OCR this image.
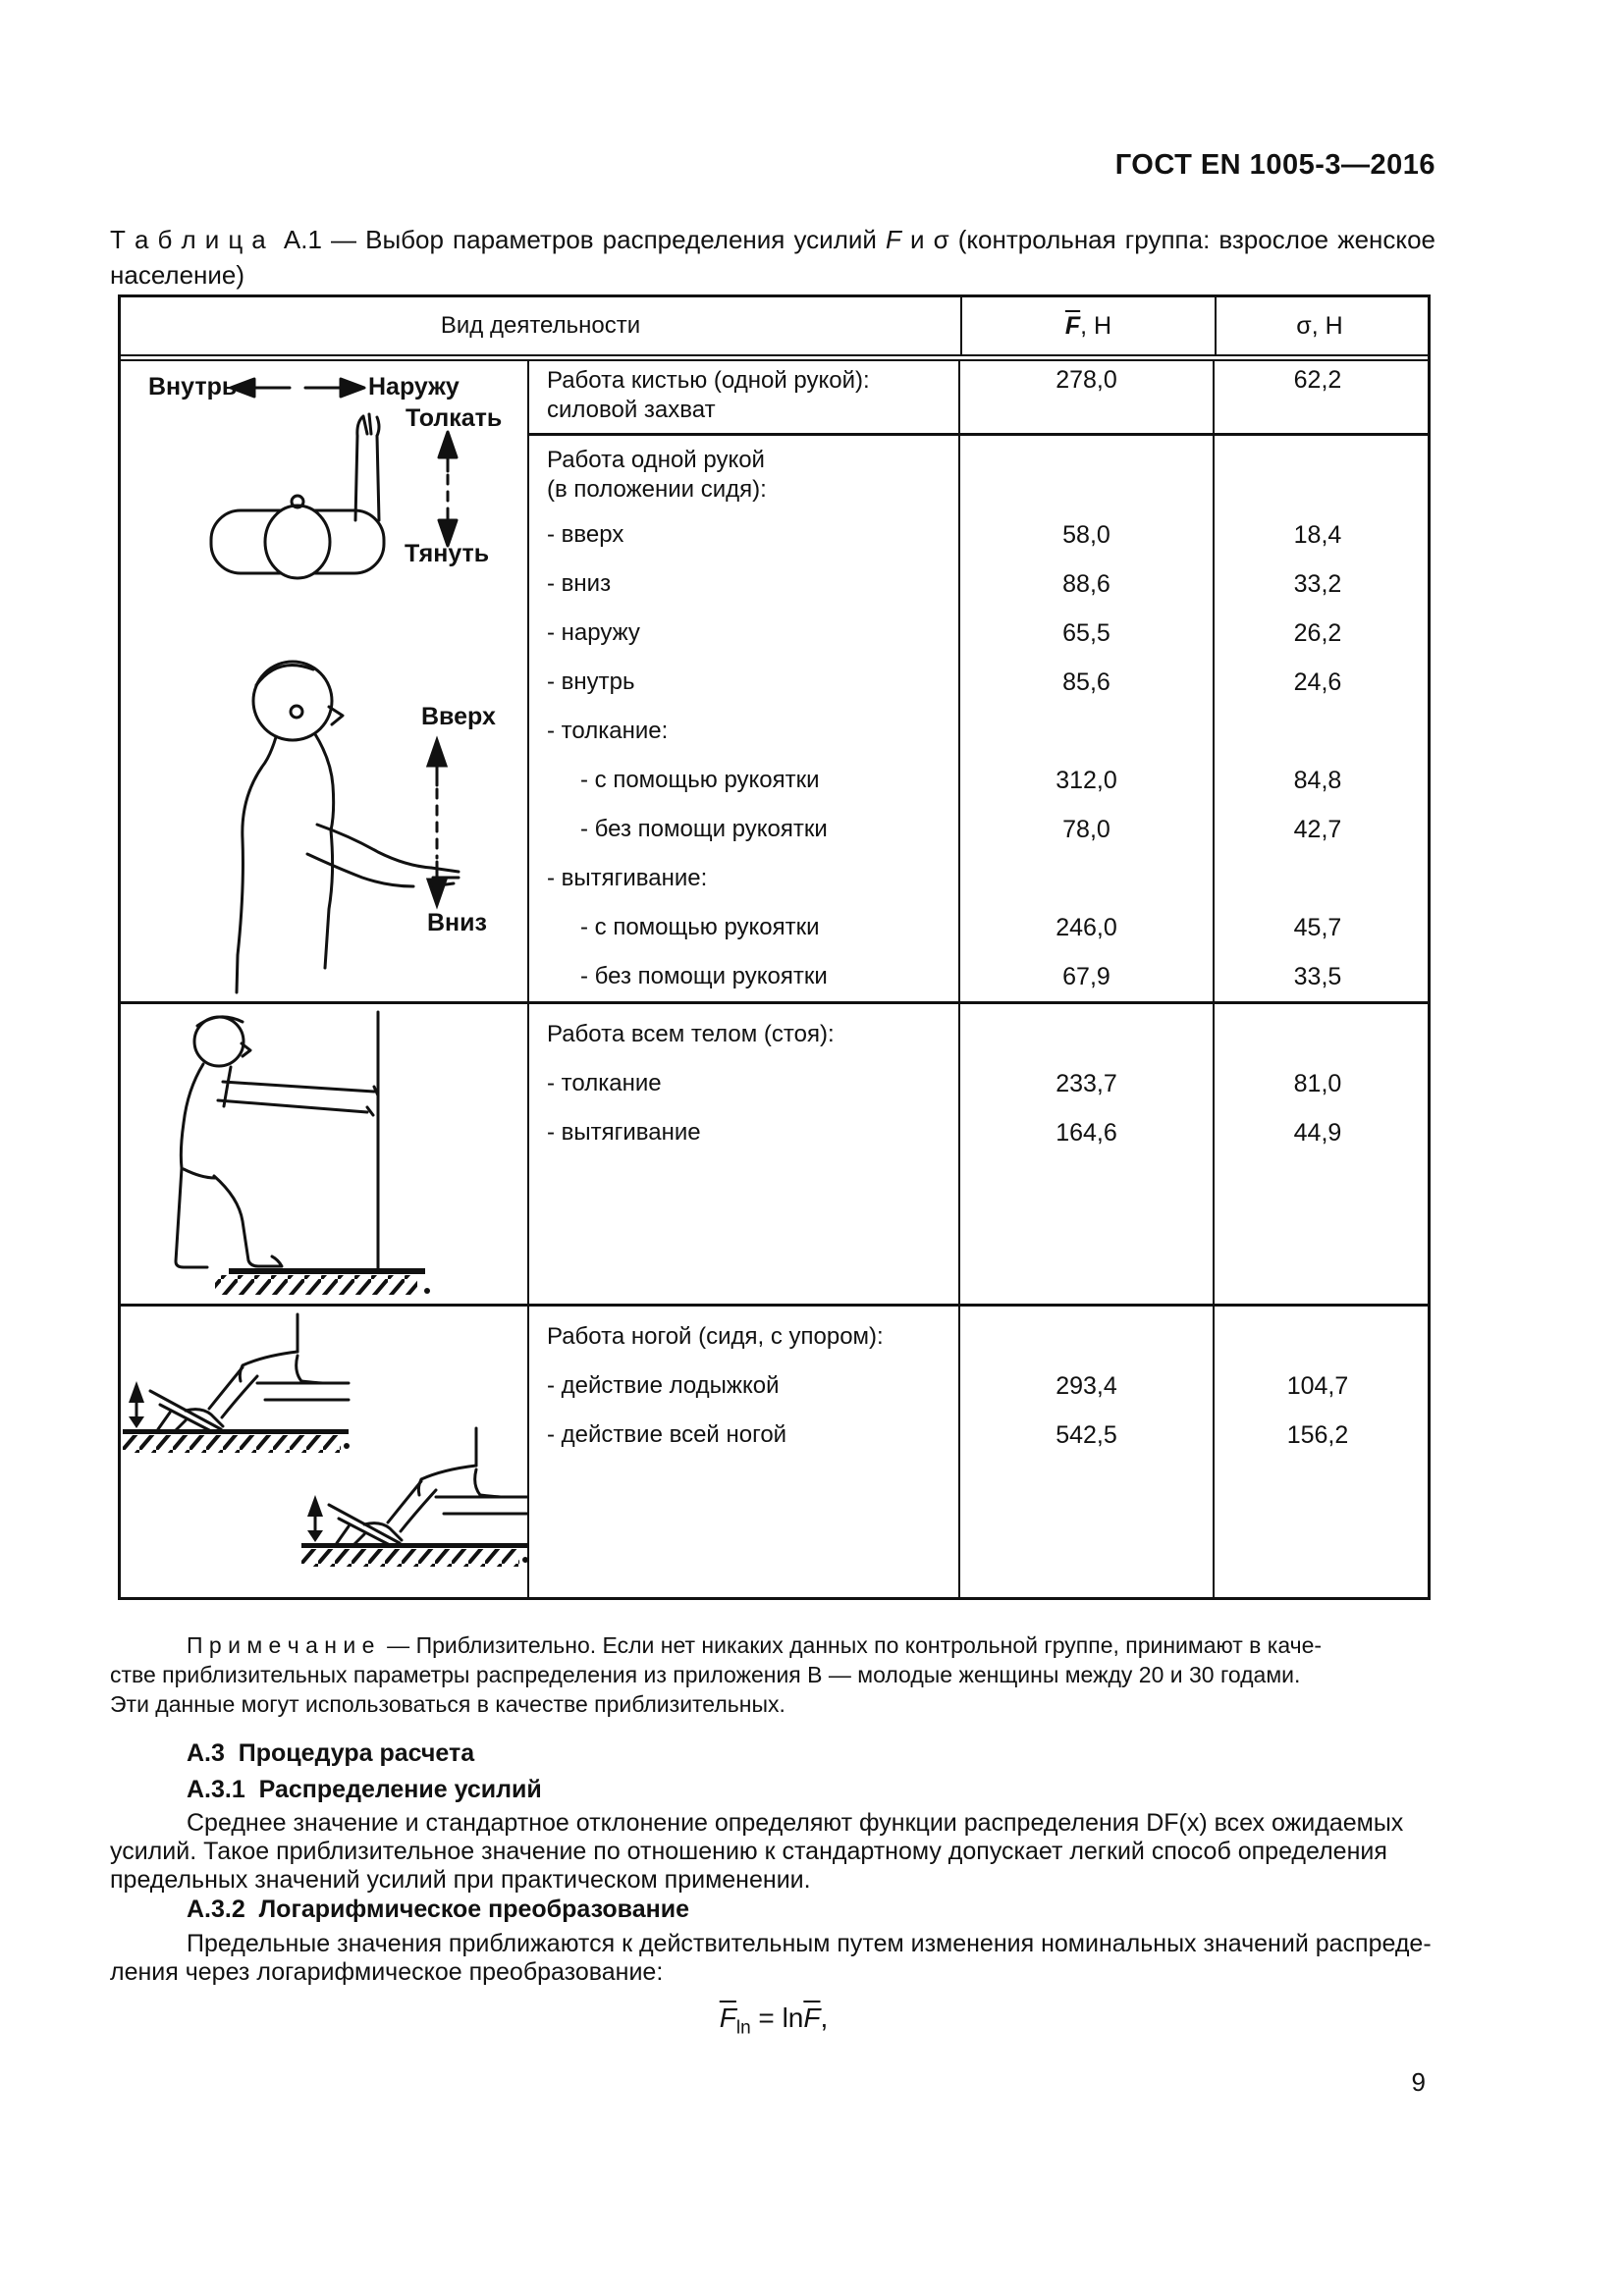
ГОСТ EN 1005-3—2016

Т а б л и ц а  А.1 — Выбор параметров распределения усилий F и σ (контрольная группа: взрослое женское население)

Вид деятельности	$\overline{F}$ , Н	σ, Н
Внутрь	Наружу
Толкать
Тянуть
Вверх
Вниз
Работа кистью (одной рукой):
силовой захват
278,0	62,2
Работа одной рукой
(в положении сидя):
- вверх	58,0	18,4
- вниз	88,6	33,2
- наружу	65,5	26,2
- внутрь	85,6	24,6
- толкание:
- с помощью рукоятки	312,0	84,8
- без помощи рукоятки	78,0	42,7
- вытягивание:
- с помощью рукоятки	246,0	45,7
- без помощи рукоятки	67,9	33,5
Работа всем телом (стоя):
- толкание	233,7	81,0
- вытягивание	164,6	44,9
Работа ногой (сидя, с упором):
- действие лодыжкой	293,4	104,7
- действие всей ногой	542,5	156,2
П р и м е ч а н и е  — Приблизительно. Если нет никаких данных по контрольной группе, принимают в каче-
стве приблизительных параметры распределения из приложения В — молодые женщины между 20 и 30 годами.
Эти данные могут использоваться в качестве приблизительных.
А.3  Процедура расчета
А.3.1  Распределение усилий
Среднее значение и стандартное отклонение определяют функции распределения DF(x) всех ожидаемых
усилий. Такое приблизительное значение по отношению к стандартному допускает легкий способ определения
предельных значений усилий при практическом применении.
А.3.2  Логарифмическое преобразование
Предельные значения приближаются к действительным путем изменения номинальных значений распреде-
ления через логарифмическое преобразование:
$\overline{F}_{ln} = \ln\overline{F}$,
9
